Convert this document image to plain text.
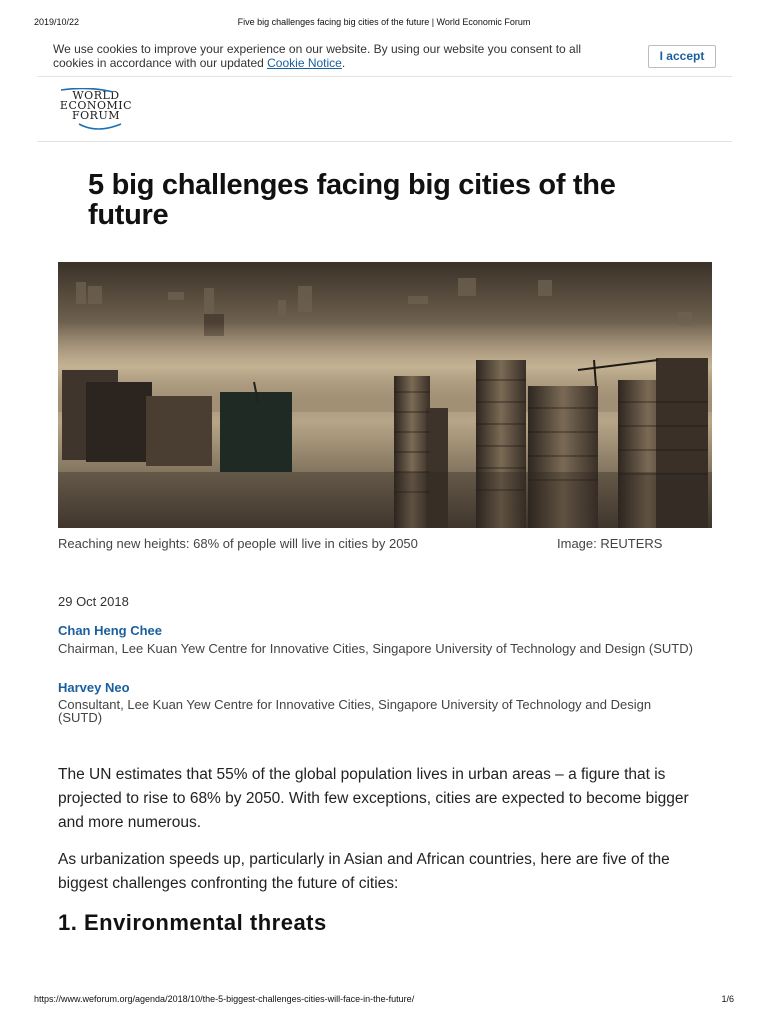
2019/10/22	Five big challenges facing big cities of the future | World Economic Forum
We use cookies to improve your experience on our website. By using our website you consent to all cookies in accordance with our updated Cookie Notice.	I accept
WORLD
ECONOMIC
FORUM
5 big challenges facing big cities of the future
Reaching new heights: 68% of people will live in cities by 2050	Image: REUTERS
29 Oct 2018
Chan Heng Chee
Chairman, Lee Kuan Yew Centre for Innovative Cities, Singapore University of Technology and Design (SUTD)
Harvey Neo
Consultant, Lee Kuan Yew Centre for Innovative Cities, Singapore University of Technology and Design (SUTD)

The UN estimates that 55% of the global population lives in urban areas – a figure that is projected to rise to 68% by 2050. With few exceptions, cities are expected to become bigger and more numerous.

As urbanization speeds up, particularly in Asian and African countries, here are five of the biggest challenges confronting the future of cities:

1. Environmental threats
https://www.weforum.org/agenda/2018/10/the-5-biggest-challenges-cities-will-face-in-the-future/	1/6
